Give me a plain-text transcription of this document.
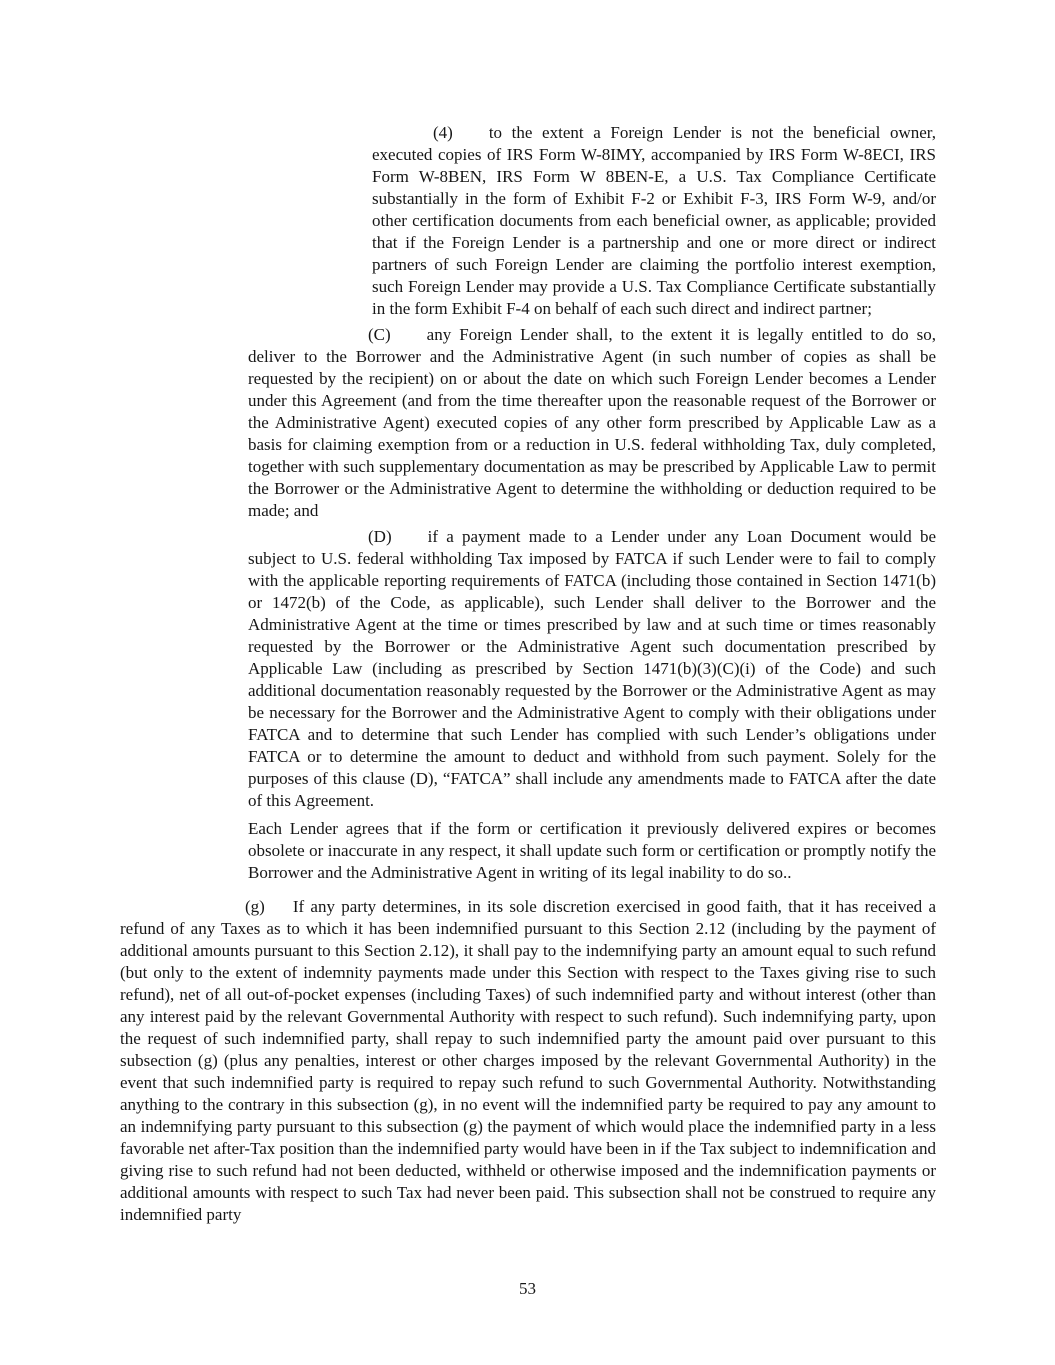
(4) to the extent a Foreign Lender is not the beneficial owner, executed copies of IRS Form W-8IMY, accompanied by IRS Form W-8ECI, IRS Form W-8BEN, IRS Form W 8BEN-E, a U.S. Tax Compliance Certificate substantially in the form of Exhibit F-2 or Exhibit F-3, IRS Form W-9, and/or other certification documents from each beneficial owner, as applicable; provided that if the Foreign Lender is a partnership and one or more direct or indirect partners of such Foreign Lender are claiming the portfolio interest exemption, such Foreign Lender may provide a U.S. Tax Compliance Certificate substantially in the form Exhibit F-4 on behalf of each such direct and indirect partner;

(C) any Foreign Lender shall, to the extent it is legally entitled to do so, deliver to the Borrower and the Administrative Agent (in such number of copies as shall be requested by the recipient) on or about the date on which such Foreign Lender becomes a Lender under this Agreement (and from the time thereafter upon the reasonable request of the Borrower or the Administrative Agent) executed copies of any other form prescribed by Applicable Law as a basis for claiming exemption from or a reduction in U.S. federal withholding Tax, duly completed, together with such supplementary documentation as may be prescribed by Applicable Law to permit the Borrower or the Administrative Agent to determine the withholding or deduction required to be made; and

(D) if a payment made to a Lender under any Loan Document would be subject to U.S. federal withholding Tax imposed by FATCA if such Lender were to fail to comply with the applicable reporting requirements of FATCA (including those contained in Section 1471(b) or 1472(b) of the Code, as applicable), such Lender shall deliver to the Borrower and the Administrative Agent at the time or times prescribed by law and at such time or times reasonably requested by the Borrower or the Administrative Agent such documentation prescribed by Applicable Law (including as prescribed by Section 1471(b)(3)(C)(i) of the Code) and such additional documentation reasonably requested by the Borrower or the Administrative Agent as may be necessary for the Borrower and the Administrative Agent to comply with their obligations under FATCA and to determine that such Lender has complied with such Lender’s obligations under FATCA or to determine the amount to deduct and withhold from such payment. Solely for the purposes of this clause (D), “FATCA” shall include any amendments made to FATCA after the date of this Agreement.

Each Lender agrees that if the form or certification it previously delivered expires or becomes obsolete or inaccurate in any respect, it shall update such form or certification or promptly notify the Borrower and the Administrative Agent in writing of its legal inability to do so..

(g) If any party determines, in its sole discretion exercised in good faith, that it has received a refund of any Taxes as to which it has been indemnified pursuant to this Section 2.12 (including by the payment of additional amounts pursuant to this Section 2.12), it shall pay to the indemnifying party an amount equal to such refund (but only to the extent of indemnity payments made under this Section with respect to the Taxes giving rise to such refund), net of all out-of-pocket expenses (including Taxes) of such indemnified party and without interest (other than any interest paid by the relevant Governmental Authority with respect to such refund). Such indemnifying party, upon the request of such indemnified party, shall repay to such indemnified party the amount paid over pursuant to this subsection (g) (plus any penalties, interest or other charges imposed by the relevant Governmental Authority) in the event that such indemnified party is required to repay such refund to such Governmental Authority. Notwithstanding anything to the contrary in this subsection (g), in no event will the indemnified party be required to pay any amount to an indemnifying party pursuant to this subsection (g) the payment of which would place the indemnified party in a less favorable net after-Tax position than the indemnified party would have been in if the Tax subject to indemnification and giving rise to such refund had not been deducted, withheld or otherwise imposed and the indemnification payments or additional amounts with respect to such Tax had never been paid. This subsection shall not be construed to require any indemnified party

53
